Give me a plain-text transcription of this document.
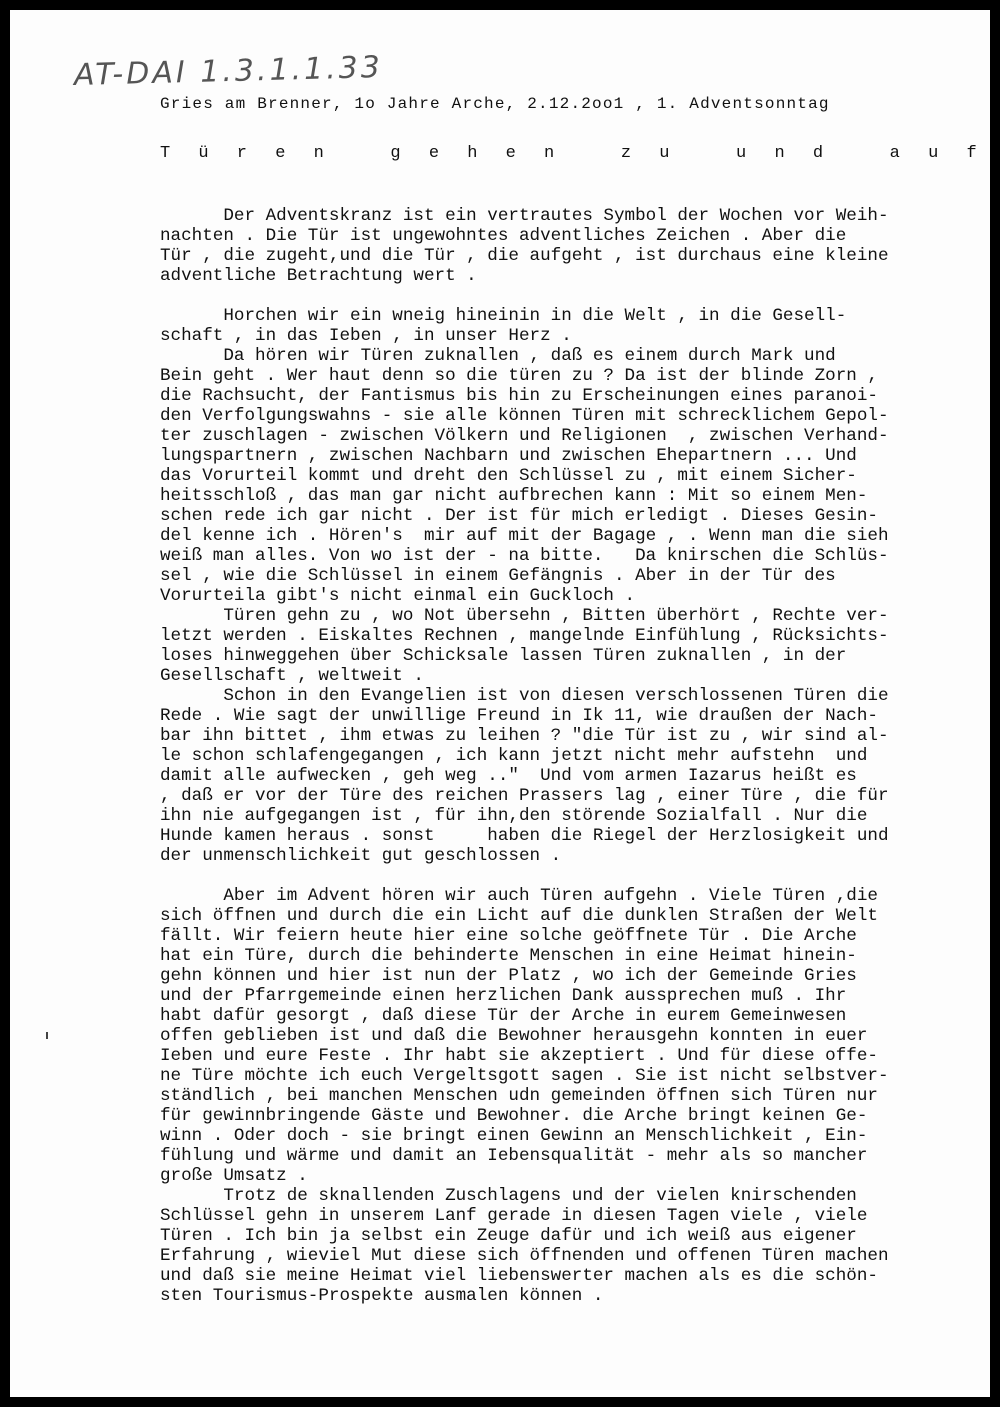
AT-DAI 1.3.1.1.33
Gries am Brenner, 1o Jahre Arche, 2.12.2oo1 , 1. Adventsonntag
T ü r e n   g e h e n   z u   u n d   a u f
Der Adventskranz ist ein vertrautes Symbol der Wochen vor Weih-
nachten . Die Tür ist ungewohntes adventliches Zeichen . Aber die
Tür , die zugeht,und die Tür , die aufgeht , ist durchaus eine kleine
adventliche Betrachtung wert .
Horchen wir ein wneig hineinin in die Welt , in die Gesell-
schaft , in das Ieben , in unser Herz .
Da hören wir Türen zuknallen , daß es einem durch Mark und
Bein geht . Wer haut denn so die türen zu ? Da ist der blinde Zorn ,
die Rachsucht, der Fantismus bis hin zu Erscheinungen eines paranoi-
den Verfolgungswahns - sie alle können Türen mit schrecklichem Gepol-
ter zuschlagen - zwischen Völkern und Religionen  , zwischen Verhand-
lungspartnern , zwischen Nachbarn und zwischen Ehepartnern ... Und
das Vorurteil kommt und dreht den Schlüssel zu , mit einem Sicher-
heitsschloß , das man gar nicht aufbrechen kann : Mit so einem Men-
schen rede ich gar nicht . Der ist für mich erledigt . Dieses Gesin-
del kenne ich . Hören's  mir auf mit der Bagage , . Wenn man die sieh
weiß man alles. Von wo ist der - na bitte.   Da knirschen die Schlüs-
sel , wie die Schlüssel in einem Gefängnis . Aber in der Tür des
Vorurteila gibt's nicht einmal ein Guckloch .
Türen gehn zu , wo Not übersehn , Bitten überhört , Rechte ver-
letzt werden . Eiskaltes Rechnen , mangelnde Einfühlung , Rücksichts-
loses hinweggehen über Schicksale lassen Türen zuknallen , in der
Gesellschaft , weltweit .
Schon in den Evangelien ist von diesen verschlossenen Türen die
Rede . Wie sagt der unwillige Freund in Ik 11, wie draußen der Nach-
bar ihn bittet , ihm etwas zu leihen ? "die Tür ist zu , wir sind al-
le schon schlafengegangen , ich kann jetzt nicht mehr aufstehn  und
damit alle aufwecken , geh weg .."  Und vom armen Iazarus heißt es
, daß er vor der Türe des reichen Prassers lag , einer Türe , die für
ihn nie aufgegangen ist , für ihn,den störende Sozialfall . Nur die
Hunde kamen heraus . sonst     haben die Riegel der Herzlosigkeit und
der unmenschlichkeit gut geschlossen .
Aber im Advent hören wir auch Türen aufgehn . Viele Türen ,die
sich öffnen und durch die ein Licht auf die dunklen Straßen der Welt
fällt. Wir feiern heute hier eine solche geöffnete Tür . Die Arche
hat ein Türe, durch die behinderte Menschen in eine Heimat hinein-
gehn können und hier ist nun der Platz , wo ich der Gemeinde Gries
und der Pfarrgemeinde einen herzlichen Dank aussprechen muß . Ihr
habt dafür gesorgt , daß diese Tür der Arche in eurem Gemeinwesen
offen geblieben ist und daß die Bewohner herausgehn konnten in euer
Ieben und eure Feste . Ihr habt sie akzeptiert . Und für diese offe-
ne Türe möchte ich euch Vergeltsgott sagen . Sie ist nicht selbstver-
ständlich , bei manchen Menschen udn gemeinden öffnen sich Türen nur
für gewinnbringende Gäste und Bewohner. die Arche bringt keinen Ge-
winn . Oder doch - sie bringt einen Gewinn an Menschlichkeit , Ein-
fühlung und wärme und damit an Iebensqualität - mehr als so mancher
große Umsatz .
Trotz de sknallenden Zuschlagens und der vielen knirschenden
Schlüssel gehn in unserem Lanf gerade in diesen Tagen viele , viele
Türen . Ich bin ja selbst ein Zeuge dafür und ich weiß aus eigener
Erfahrung , wieviel Mut diese sich öffnenden und offenen Türen machen
und daß sie meine Heimat viel liebenswerter machen als es die schön-
sten Tourismus-Prospekte ausmalen können .
